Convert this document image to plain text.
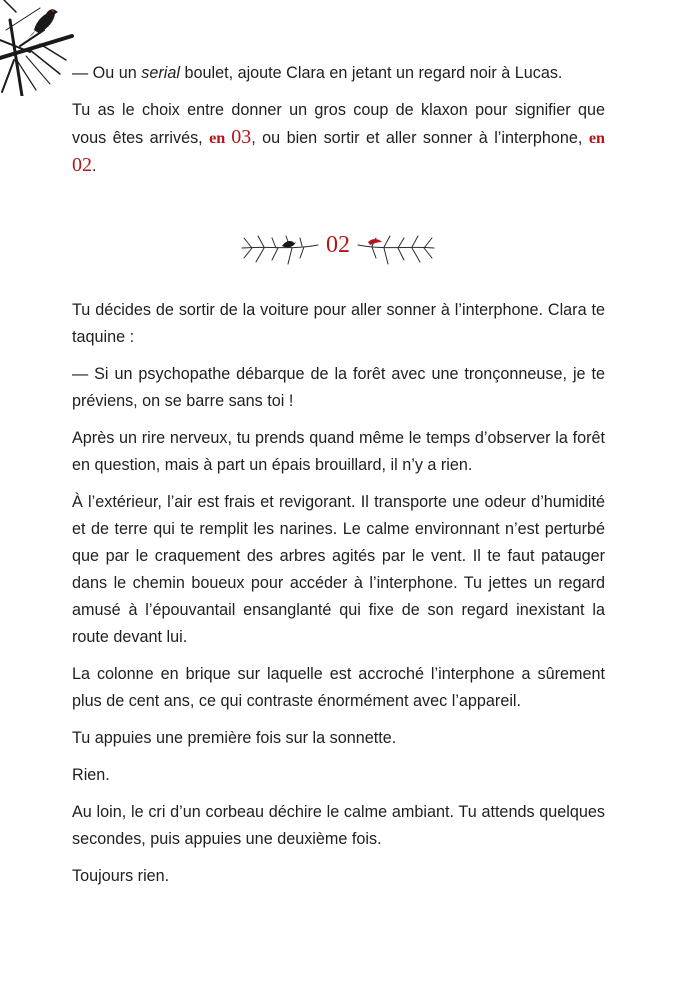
— Ou un serial boulet, ajoute Clara en jetant un regard noir à Lucas.

Tu as le choix entre donner un gros coup de klaxon pour signifier que vous êtes arrivés, en 03, ou bien sortir et aller sonner à l’interphone, en 02.

02

Tu décides de sortir de la voiture pour aller sonner à l’interphone. Clara te taquine :

— Si un psychopathe débarque de la forêt avec une tronçonneuse, je te préviens, on se barre sans toi !

Après un rire nerveux, tu prends quand même le temps d’observer la forêt en question, mais à part un épais brouillard, il n’y a rien.

À l’extérieur, l’air est frais et revigorant. Il transporte une odeur d’humidité et de terre qui te remplit les narines. Le calme environnant n’est perturbé que par le craquement des arbres agités par le vent. Il te faut patauger dans le chemin boueux pour accéder à l’interphone. Tu jettes un regard amusé à l’épouvantail ensanglanté qui fixe de son regard inexistant la route devant lui.

La colonne en brique sur laquelle est accroché l’interphone a sûrement plus de cent ans, ce qui contraste énormément avec l’appareil.

Tu appuies une première fois sur la sonnette.

Rien.

Au loin, le cri d’un corbeau déchire le calme ambiant. Tu attends quelques secondes, puis appuies une deuxième fois.

Toujours rien.
